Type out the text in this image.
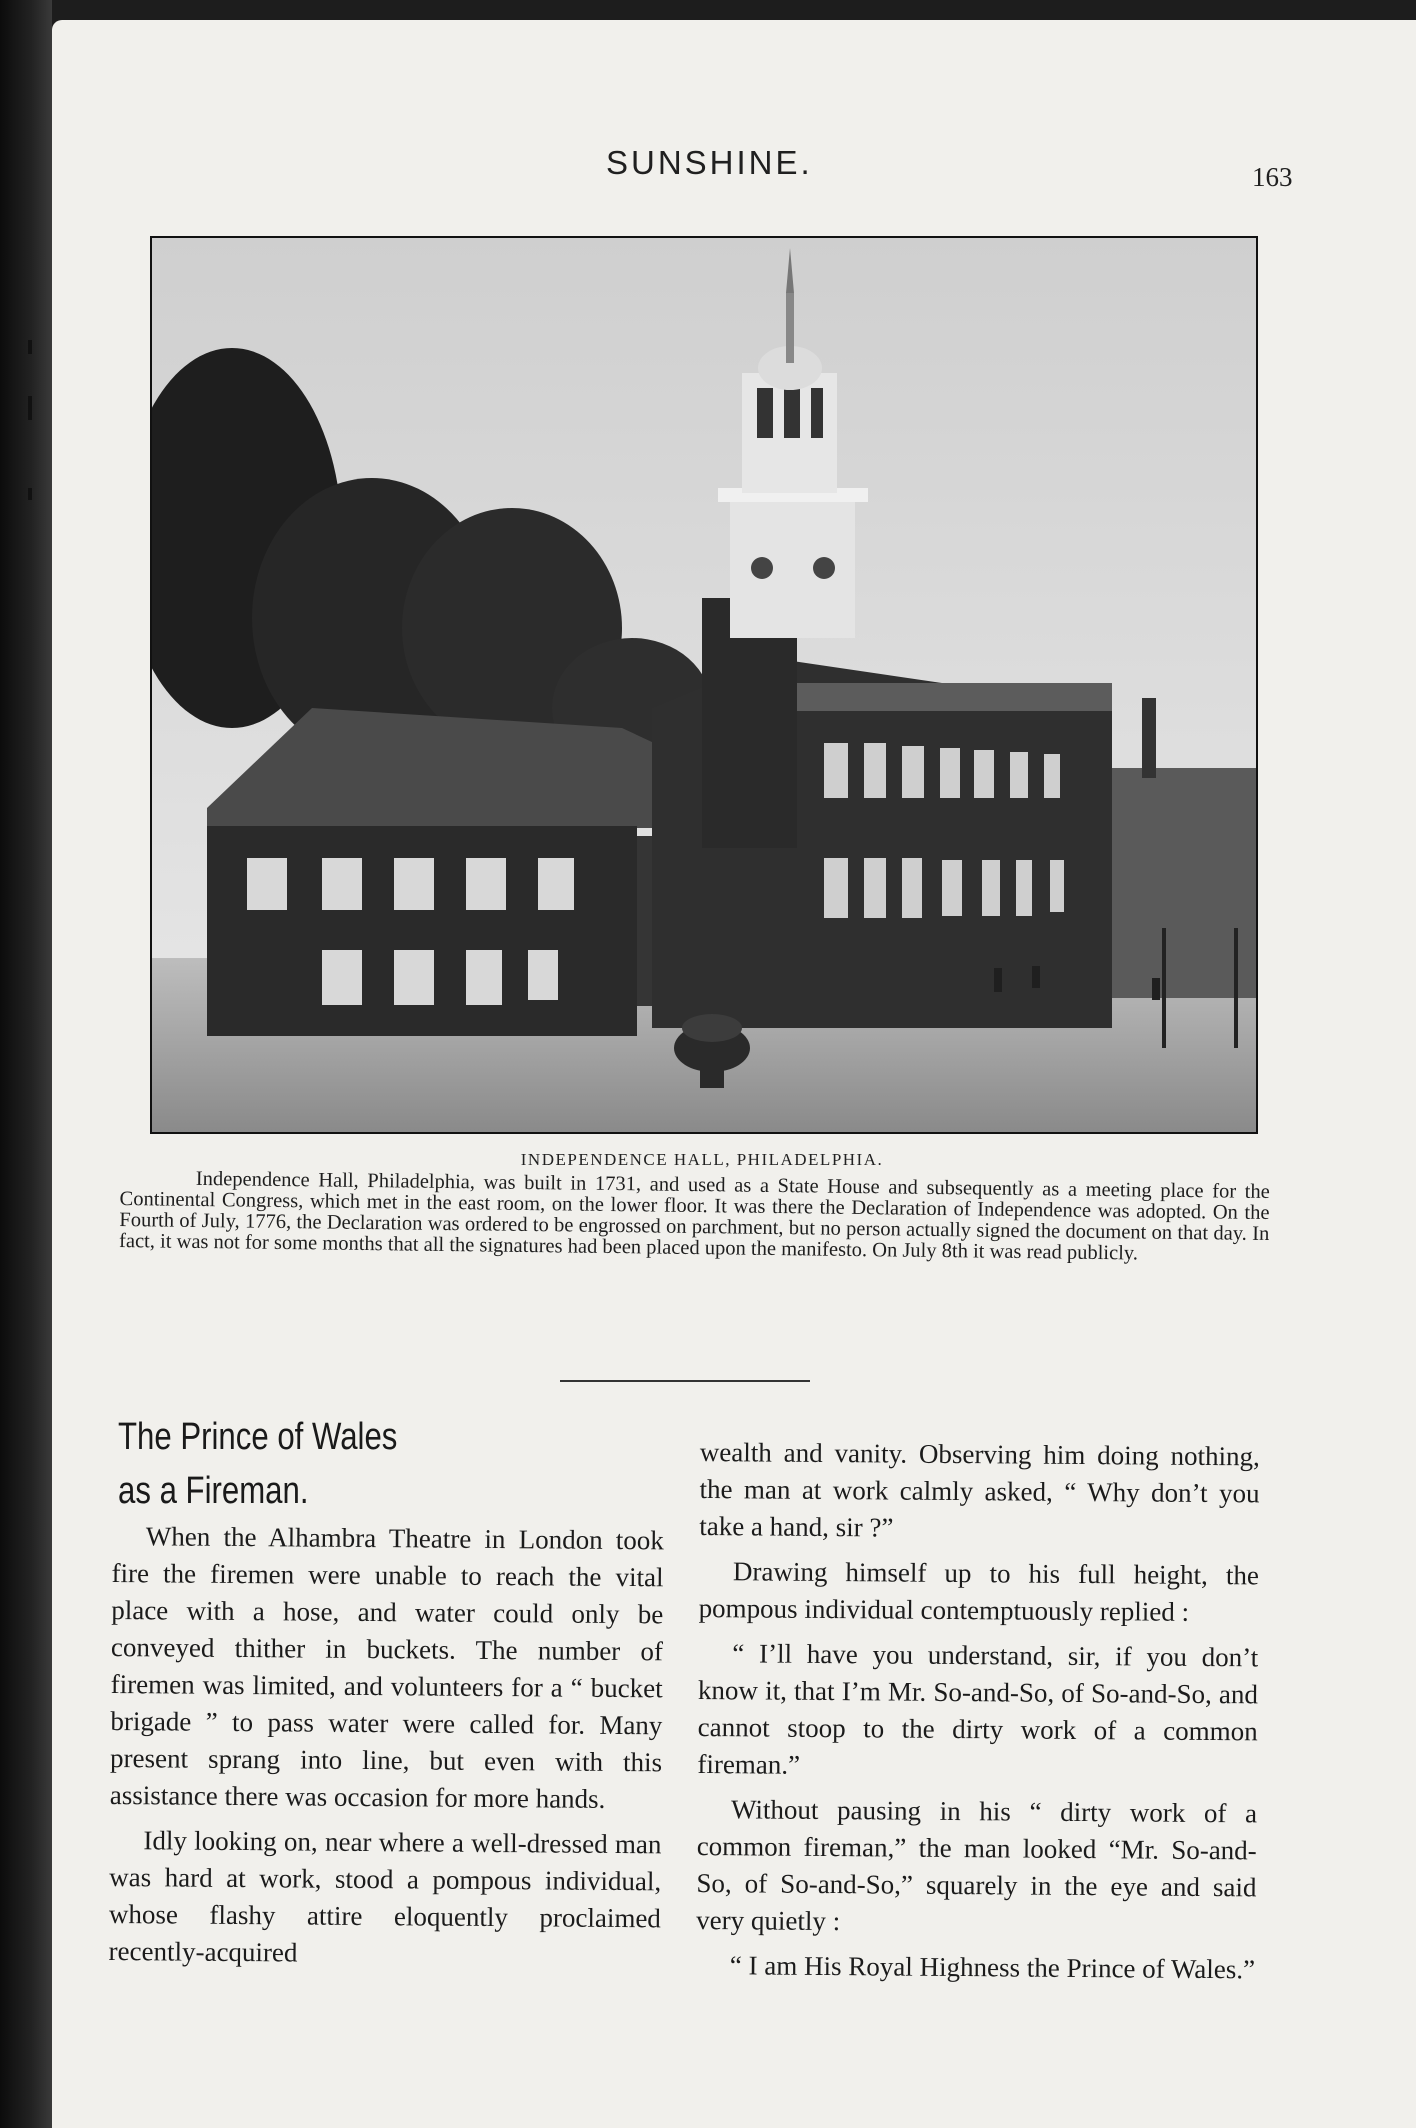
SUNSHINE.	163
INDEPENDENCE HALL, PHILADELPHIA.
Independence Hall, Philadelphia, was built in 1731, and used as a State House and subsequently as a meeting place for the Continental Congress, which met in the east room, on the lower floor. It was there the Declaration of Independence was adopted. On the Fourth of July, 1776, the Declaration was ordered to be engrossed on parchment, but no person actually signed the document on that day. In fact, it was not for some months that all the signatures had been placed upon the manifesto. On July 8th it was read publicly.
The Prince of Wales
as a Fireman.

When the Alhambra Theatre in London took fire the firemen were unable to reach the vital place with a hose, and water could only be conveyed thither in buckets. The number of firemen was limited, and volunteers for a “ bucket brigade ” to pass water were called for. Many present sprang into line, but even with this assistance there was occasion for more hands.

Idly looking on, near where a well-dressed man was hard at work, stood a pompous individual, whose flashy attire eloquently proclaimed recently-acquired

wealth and vanity. Observing him doing nothing, the man at work calmly asked, “ Why don’t you take a hand, sir ?”

Drawing himself up to his full height, the pompous individual contemptuously replied :

“ I’ll have you understand, sir, if you don’t know it, that I’m Mr. So-and-So, of So-and-So, and cannot stoop to the dirty work of a common fireman.”

Without pausing in his “ dirty work of a common fireman,” the man looked “Mr. So-and-So, of So-and-So,” squarely in the eye and said very quietly :

“ I am His Royal Highness the Prince of Wales.”
